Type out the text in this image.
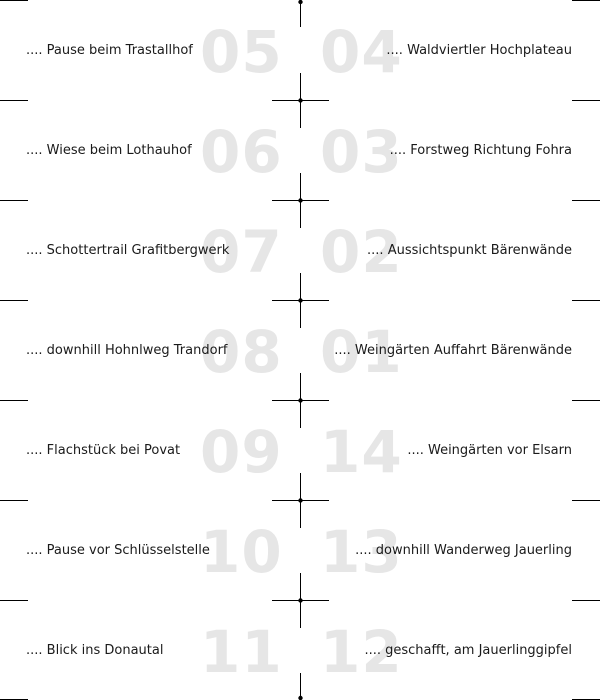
05
.... Pause beim Trastallhof 04
.... Waldviertler Hochplateau
06
.... Wiese beim Lothauhof 03
.... Forstweg Richtung Fohra
07
.... Schottertrail Grafitbergwerk 02
.... Aussichtspunkt Bärenwände
08
.... downhill Hohnlweg Trandorf 01
.... Weingärten Auffahrt Bärenwände
09
.... Flachstück bei Povat 14 .... Weingärten vor Elsarn
10
.... Pause vor Schlüsselstelle 13
.... downhill Wanderweg Jauerling
11
.... Blick ins Donautal	12
.... geschafft, am Jauerlinggipfel
